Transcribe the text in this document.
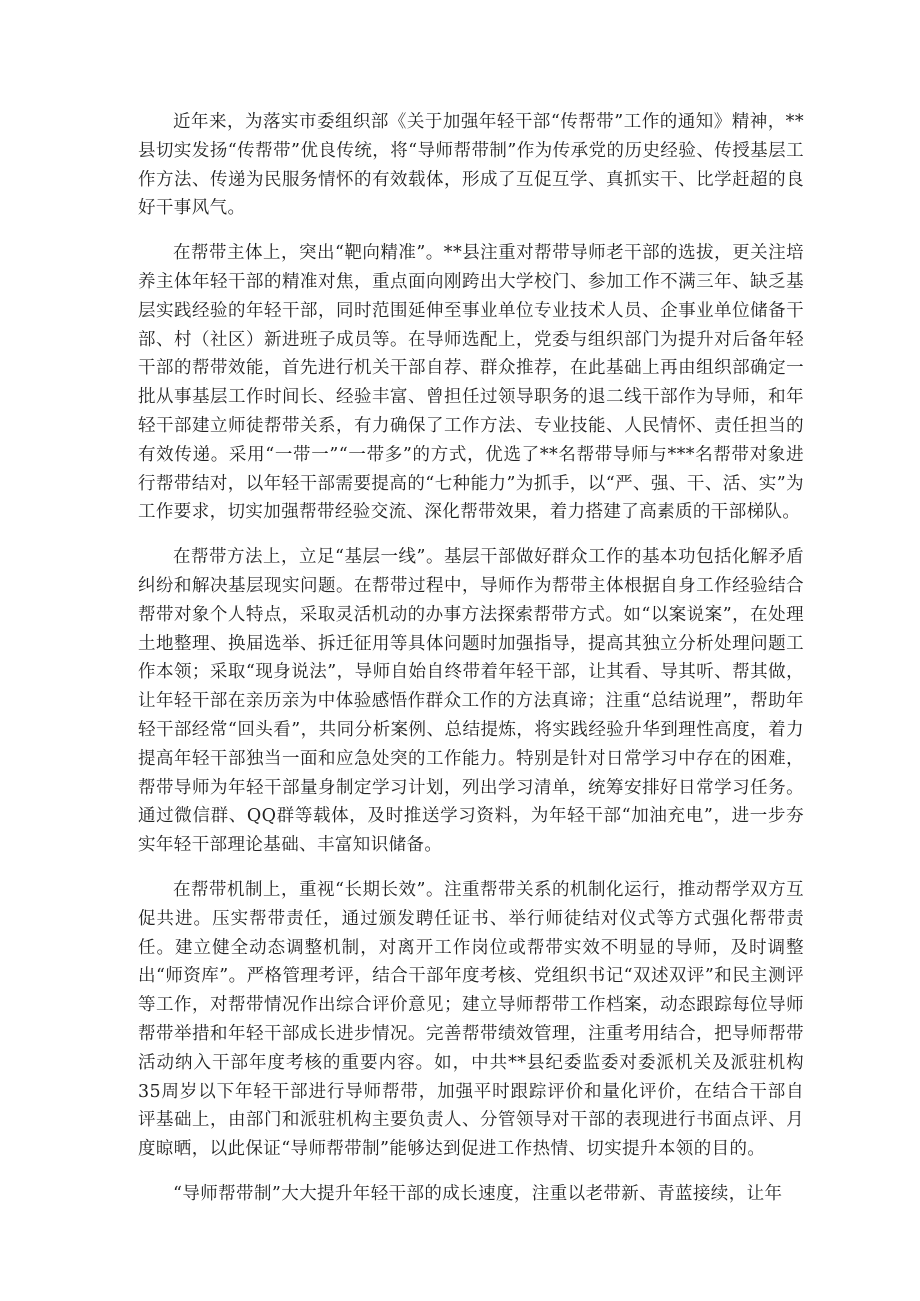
近年来，为落实市委组织部《关于加强年轻干部“传帮带”工作的通知》精神，**县切实发扬“传帮带”优良传统，将“导师帮带制”作为传承党的历史经验、传授基层工作方法、传递为民服务情怀的有效载体，形成了互促互学、真抓实干、比学赶超的良好干事风气。

在帮带主体上，突出“靶向精准”。**县注重对帮带导师老干部的选拔，更关注培养主体年轻干部的精准对焦，重点面向刚跨出大学校门、参加工作不满三年、缺乏基层实践经验的年轻干部，同时范围延伸至事业单位专业技术人员、企事业单位储备干部、村（社区）新进班子成员等。在导师选配上，党委与组织部门为提升对后备年轻干部的帮带效能，首先进行机关干部自荐、群众推荐，在此基础上再由组织部确定一批从事基层工作时间长、经验丰富、曾担任过领导职务的退二线干部作为导师，和年轻干部建立师徒帮带关系，有力确保了工作方法、专业技能、人民情怀、责任担当的有效传递。采用“一带一”“一带多”的方式，优选了**名帮带导师与***名帮带对象进行帮带结对，以年轻干部需要提高的“七种能力”为抓手，以“严、强、干、活、实”为工作要求，切实加强帮带经验交流、深化帮带效果，着力搭建了高素质的干部梯队。

在帮带方法上，立足“基层一线”。基层干部做好群众工作的基本功包括化解矛盾纠纷和解决基层现实问题。在帮带过程中，导师作为帮带主体根据自身工作经验结合帮带对象个人特点，采取灵活机动的办事方法探索帮带方式。如“以案说案”，在处理土地整理、换届选举、拆迁征用等具体问题时加强指导，提高其独立分析处理问题工作本领；采取“现身说法”，导师自始自终带着年轻干部，让其看、导其听、帮其做，让年轻干部在亲历亲为中体验感悟作群众工作的方法真谛；注重“总结说理”，帮助年轻干部经常“回头看”，共同分析案例、总结提炼，将实践经验升华到理性高度，着力提高年轻干部独当一面和应急处突的工作能力。特别是针对日常学习中存在的困难，帮带导师为年轻干部量身制定学习计划，列出学习清单，统筹安排好日常学习任务。通过微信群、QQ群等载体，及时推送学习资料，为年轻干部“加油充电”，进一步夯实年轻干部理论基础、丰富知识储备。

在帮带机制上，重视“长期长效”。注重帮带关系的机制化运行，推动帮学双方互促共进。压实帮带责任，通过颁发聘任证书、举行师徒结对仪式等方式强化帮带责任。建立健全动态调整机制，对离开工作岗位或帮带实效不明显的导师，及时调整出“师资库”。严格管理考评，结合干部年度考核、党组织书记“双述双评”和民主测评等工作，对帮带情况作出综合评价意见；建立导师帮带工作档案，动态跟踪每位导师帮带举措和年轻干部成长进步情况。完善帮带绩效管理，注重考用结合，把导师帮带活动纳入干部年度考核的重要内容。如，中共**县纪委监委对委派机关及派驻机构35周岁以下年轻干部进行导师帮带，加强平时跟踪评价和量化评价，在结合干部自评基础上，由部门和派驻机构主要负责人、分管领导对干部的表现进行书面点评、月度晾晒，以此保证“导师帮带制”能够达到促进工作热情、切实提升本领的目的。

“导师帮带制”大大提升年轻干部的成长速度，注重以老带新、青蓝接续，让年
